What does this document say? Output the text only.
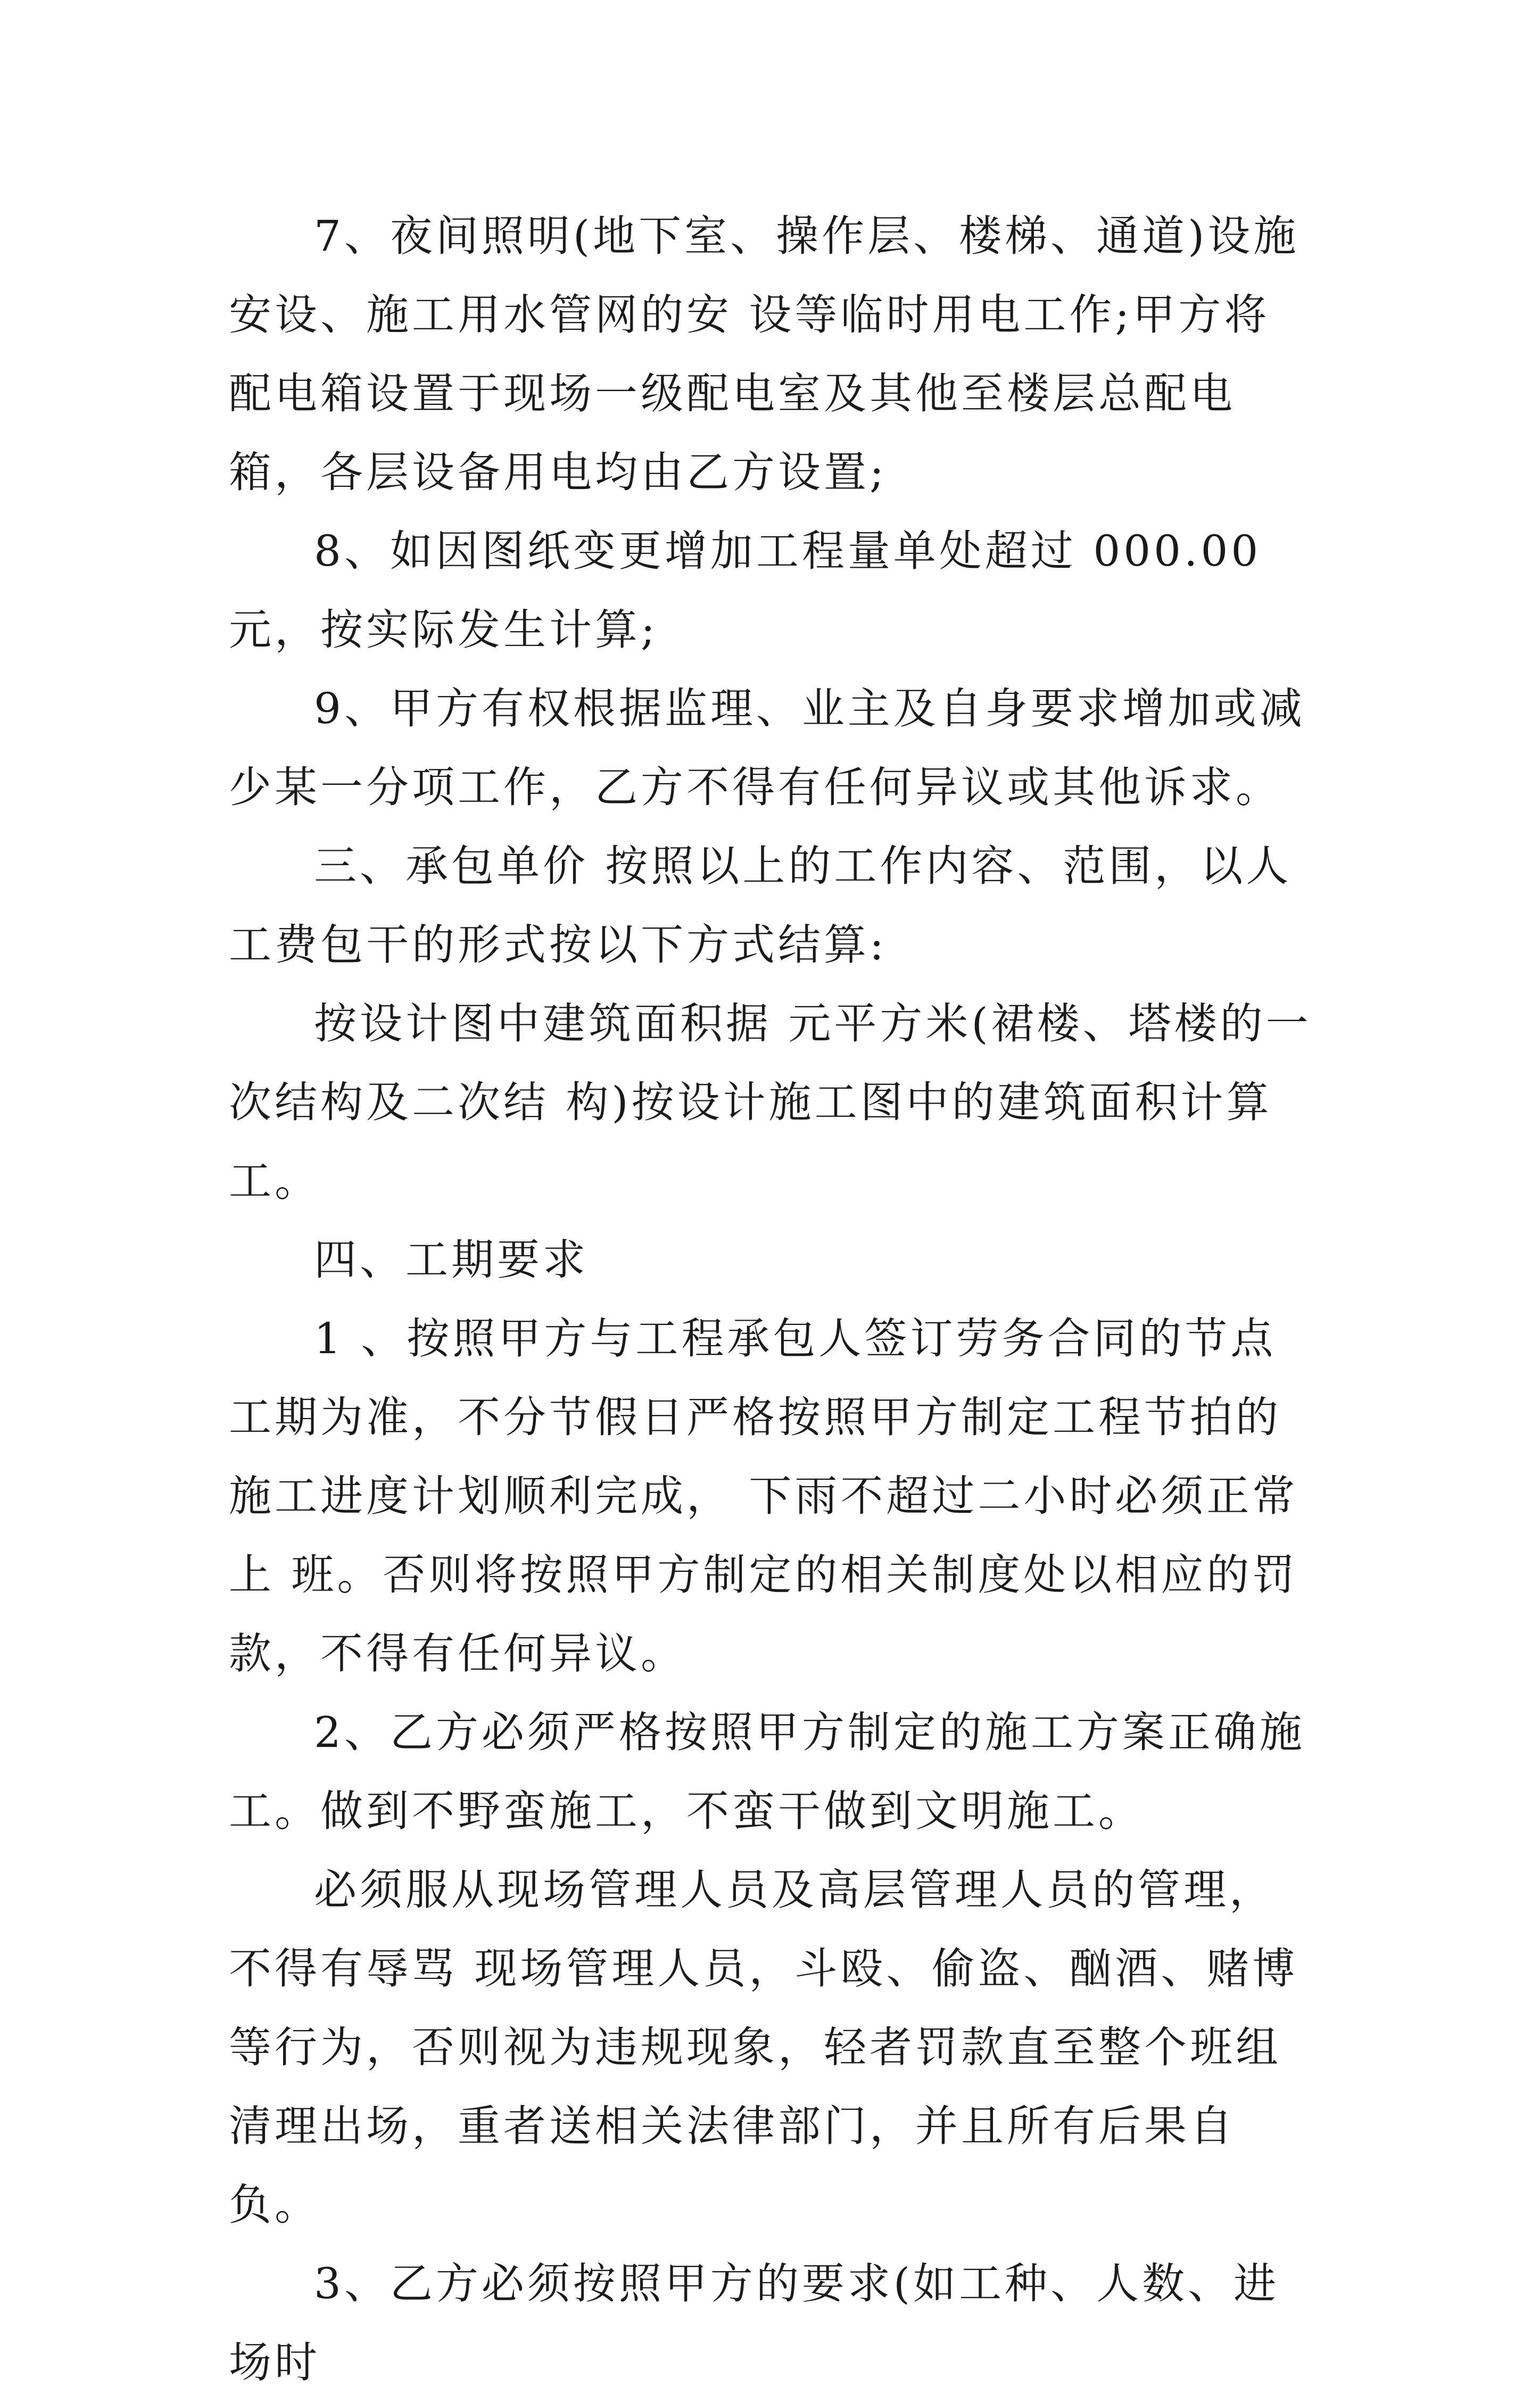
7、夜间照明(地下室、操作层、楼梯、通道)设施安设、施工用水管网的安 设等临时用电工作;甲方将配电箱设置于现场一级配电室及其他至楼层总配电箱，各层设备用电均由乙方设置;

8、如因图纸变更增加工程量单处超过 000.00 元，按实际发生计算;

9、甲方有权根据监理、业主及自身要求增加或减少某一分项工作，乙方不得有任何异议或其他诉求。

三、承包单价 按照以上的工作内容、范围，以人工费包干的形式按以下方式结算:

按设计图中建筑面积据 元平方米(裙楼、塔楼的一次结构及二次结 构)按设计施工图中的建筑面积计算工。

四、工期要求

1 、按照甲方与工程承包人签订劳务合同的节点工期为准，不分节假日严格按照甲方制定工程节拍的施工进度计划顺利完成， 下雨不超过二小时必须正常上 班。否则将按照甲方制定的相关制度处以相应的罚款，不得有任何异议。

2、乙方必须严格按照甲方制定的施工方案正确施工。做到不野蛮施工，不蛮干做到文明施工。

必须服从现场管理人员及高层管理人员的管理，不得有辱骂 现场管理人员，斗殴、偷盗、酗酒、赌博等行为，否则视为违规现象，轻者罚款直至整个班组清理出场，重者送相关法律部门，并且所有后果自负。

3、乙方必须按照甲方的要求(如工种、人数、进场时
